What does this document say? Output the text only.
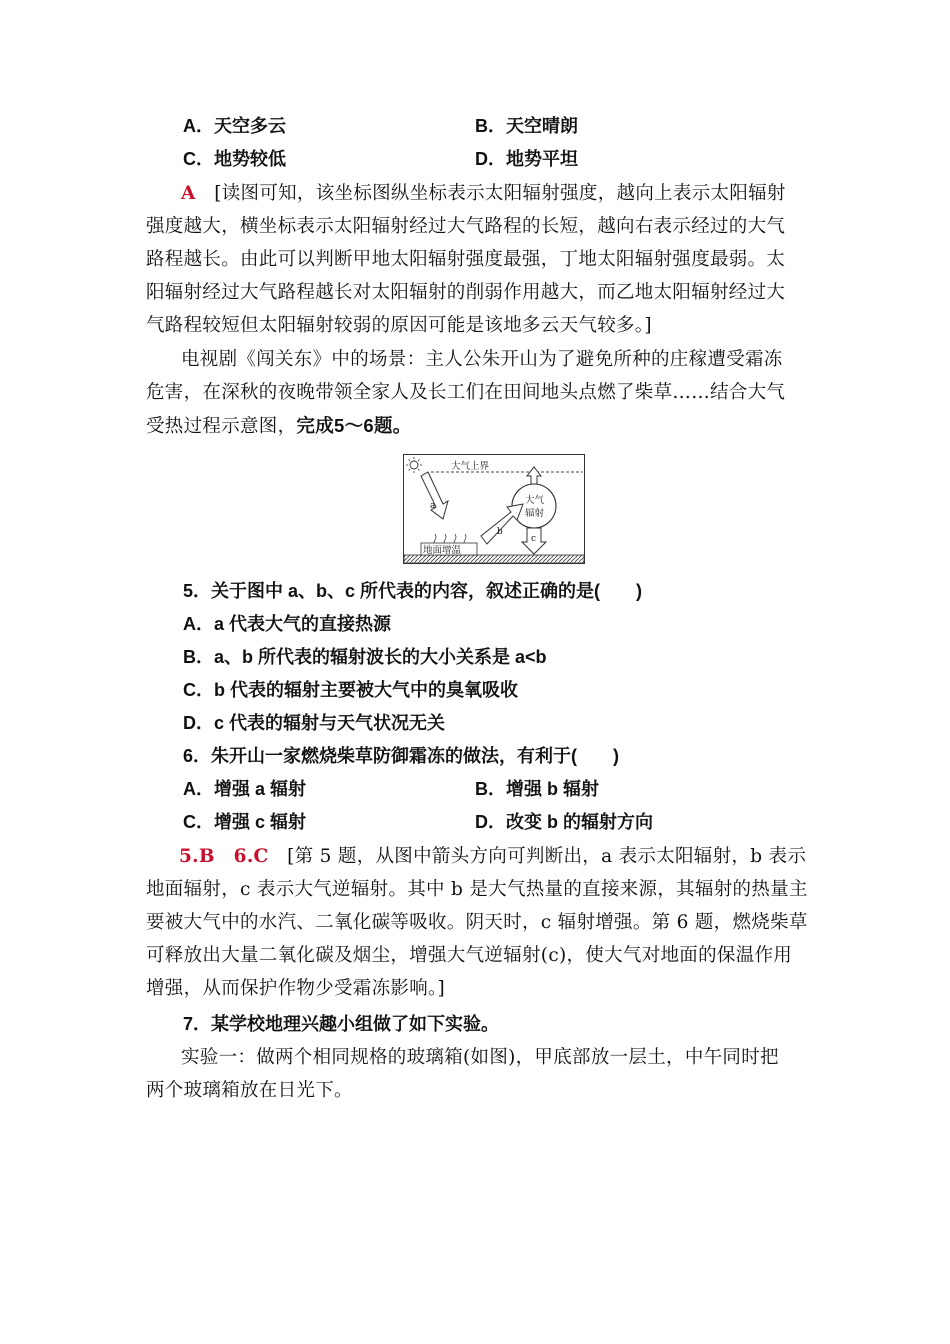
A．天空多云	B．天空晴朗
C．地势较低	D．地势平坦
A [读图可知，该坐标图纵坐标表示太阳辐射强度，越向上表示太阳辐射
强度越大，横坐标表示太阳辐射经过大气路程的长短，越向右表示经过的大气
路程越长。由此可以判断甲地太阳辐射强度最强，丁地太阳辐射强度最弱。太
阳辐射经过大气路程越长对太阳辐射的削弱作用越大，而乙地太阳辐射经过大
气路程较短但太阳辐射较弱的原因可能是该地多云天气较多。]
电视剧《闯关东》中的场景：主人公朱开山为了避免所种的庄稼遭受霜冻
危害，在深秋的夜晚带领全家人及长工们在田间地头点燃了柴草……结合大气
受热过程示意图，完成5～6题。
大气上界
a	大气
辐射
b
c
地面增温
5．关于图中 a、b、c 所代表的内容，叙述正确的是(　　)
A．a 代表大气的直接热源
B．a、b 所代表的辐射波长的大小关系是 a<b
C．b 代表的辐射主要被大气中的臭氧吸收
D．c 代表的辐射与天气状况无关
6．朱开山一家燃烧柴草防御霜冻的做法，有利于(　　)
A．增强 a 辐射	B．增强 b 辐射
C．增强 c 辐射	D．改变 b 的辐射方向
5.B　6.C [第 5 题，从图中箭头方向可判断出，a 表示太阳辐射，b 表示
地面辐射，c 表示大气逆辐射。其中 b 是大气热量的直接来源，其辐射的热量主
要被大气中的水汽、二氧化碳等吸收。阴天时，c 辐射增强。第 6 题，燃烧柴草
可释放出大量二氧化碳及烟尘，增强大气逆辐射(c)，使大气对地面的保温作用
增强，从而保护作物少受霜冻影响。]
7．某学校地理兴趣小组做了如下实验。
实验一：做两个相同规格的玻璃箱(如图)，甲底部放一层土，中午同时把
两个玻璃箱放在日光下。
